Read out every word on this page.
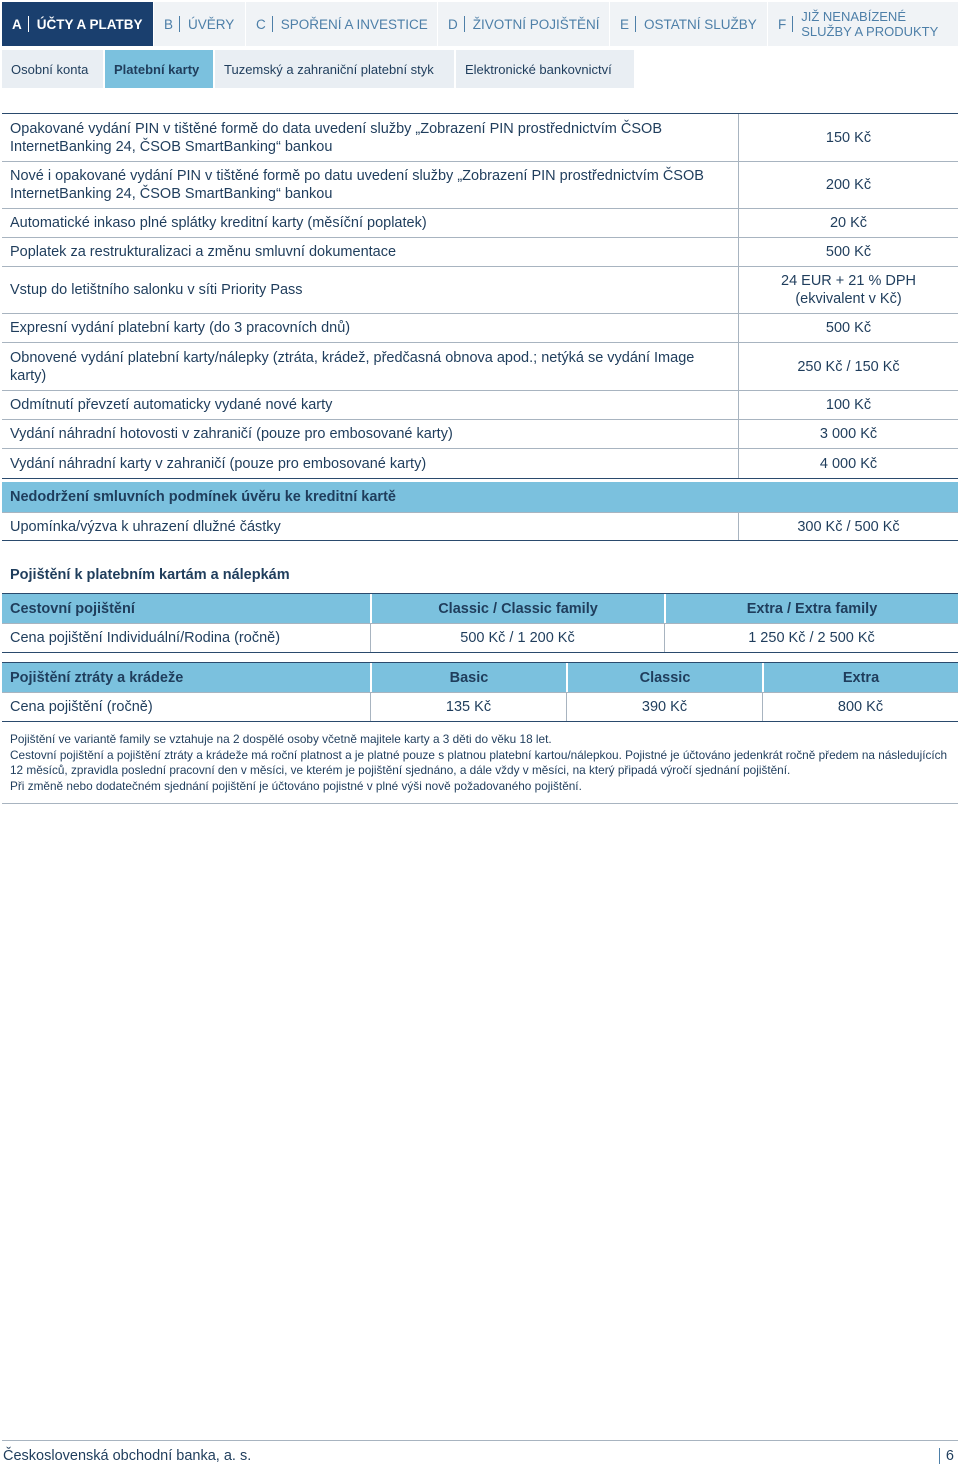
A ÚČTY A PLATBY B ÚVĚRY C SPOŘENÍ A INVESTICE D ŽIVOTNÍ POJIŠTĚNÍ E OSTATNÍ SLUŽBY F JIŽ NENABÍZENÉ
SLUŽBY A PRODUKTY
Osobní konta	Platební karty	Tuzemský a zahraniční platební styk	Elektronické bankovnictví
Opakované vydání PIN v tištěné formě do data uvedení služby „Zobrazení PIN prostřednictvím ČSOB InternetBanking 24, ČSOB SmartBanking“ bankou
150 Kč
Nové i opakované vydání PIN v tištěné formě po datu uvedení služby „Zobrazení PIN prostřednictvím ČSOB InternetBanking 24, ČSOB SmartBanking“ bankou
200 Kč
Automatické inkaso plné splátky kreditní karty (měsíční poplatek)	20 Kč
Poplatek za restrukturalizaci a změnu smluvní dokumentace	500 Kč
Vstup do letištního salonku v síti Priority Pass
24 EUR + 21 % DPH (ekvivalent v Kč)
Expresní vydání platební karty (do 3 pracovních dnů)	500 Kč
Obnovené vydání platební karty/nálepky (ztráta, krádež, předčasná obnova apod.; netýká se vydání Image karty)
250 Kč / 150 Kč
Odmítnutí převzetí automaticky vydané nové karty	100 Kč
Vydání náhradní hotovosti v zahraničí (pouze pro embosované karty)	3 000 Kč
Vydání náhradní karty v zahraničí (pouze pro embosované karty)	4 000 Kč
Nedodržení smluvních podmínek úvěru ke kreditní kartě
Upomínka/výzva k uhrazení dlužné částky	300 Kč / 500 Kč
Pojištění k platebním kartám a nálepkám
Cestovní pojištění	Classic / Classic family	Extra / Extra family
Cena pojištění Individuální/Rodina (ročně)	500 Kč / 1 200 Kč	1 250 Kč / 2 500 Kč
Pojištění ztráty a krádeže	Basic	Classic	Extra
Cena pojištění (ročně)	135 Kč	390 Kč	800 Kč
Pojištění ve variantě family se vztahuje na 2 dospělé osoby včetně majitele karty a 3 děti do věku 18 let.
Cestovní pojištění a pojištění ztráty a krádeže má roční platnost a je platné pouze s platnou platební kartou/nálepkou. Pojistné je účtováno jedenkrát ročně předem na následujících 12 měsíců, zpravidla poslední pracovní den v měsíci, ve kterém je pojištění sjednáno, a dále vždy v měsíci, na který připadá výročí sjednání pojištění.
Při změně nebo dodatečném sjednání pojištění je účtováno pojistné v plné výši nově požadovaného pojištění.
Československá obchodní banka, a. s.	6
